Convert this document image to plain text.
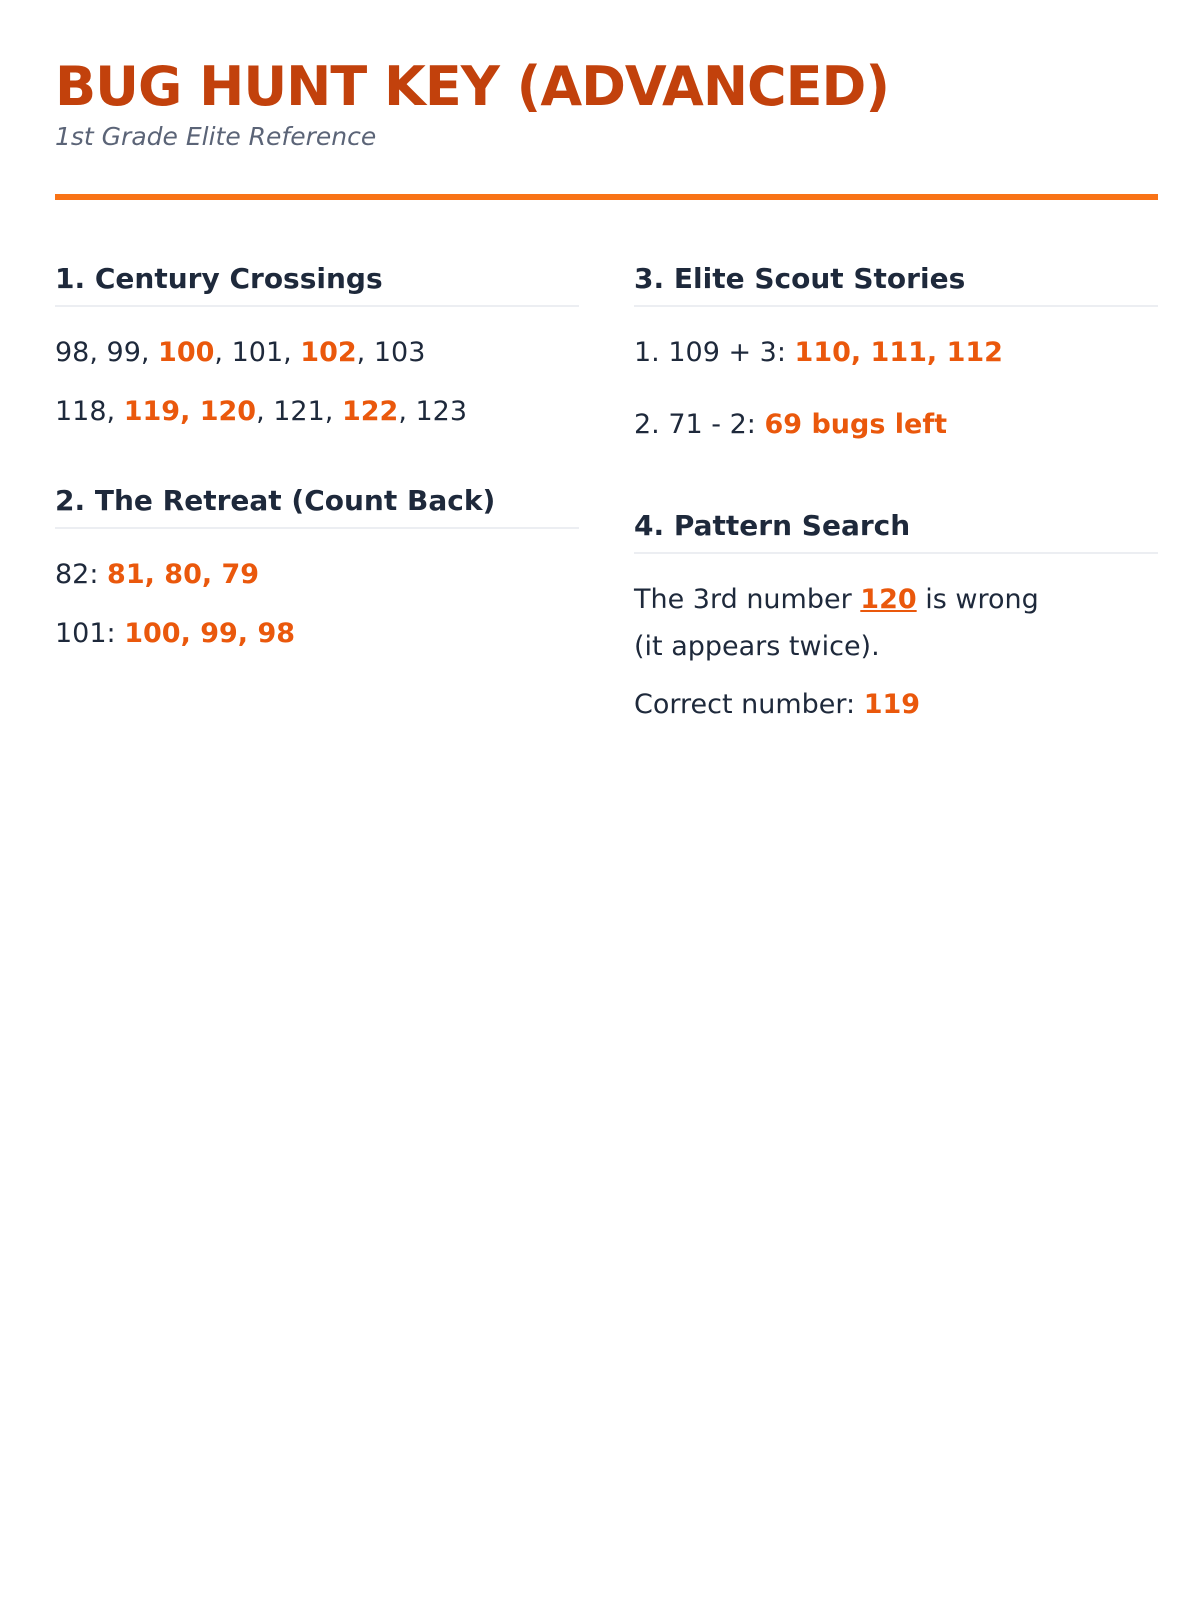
BUG HUNT KEY (ADVANCED)

1st Grade Elite Reference

1. Century Crossings
98, 99, 100, 101, 102, 103
118, 119, 120, 121, 122, 123
2. The Retreat (Count Back)
82: 81, 80, 79
101: 100, 99, 98
3. Elite Scout Stories
1. 109 + 3: 110, 111, 112
2. 71 - 2: 69 bugs left
4. Pattern Search
The 3rd number 120 is wrong (it appears twice).
Correct number: 119
